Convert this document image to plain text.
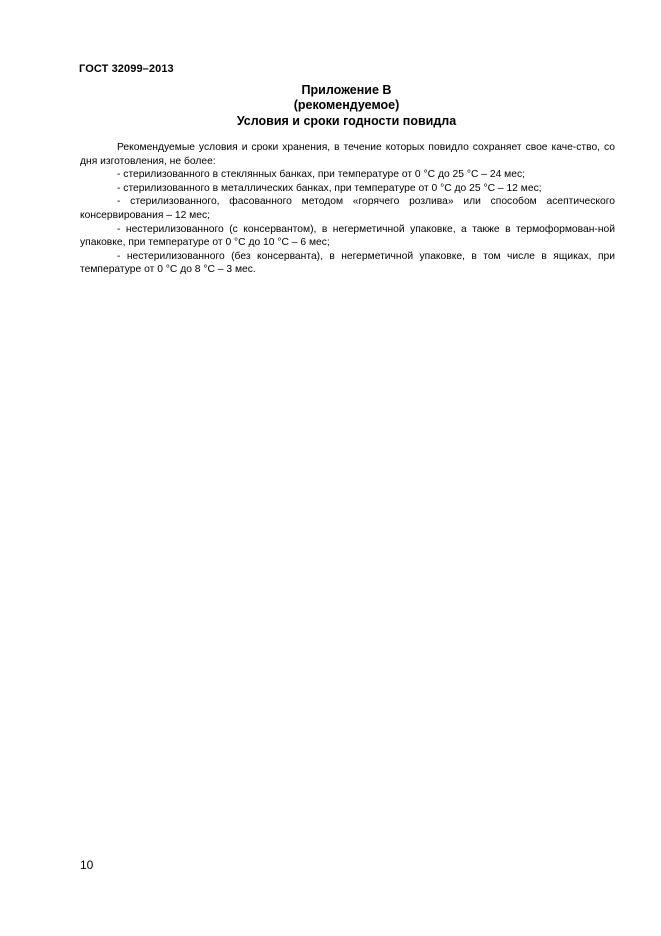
ГОСТ 32099–2013
Приложение В
(рекомендуемое)
Условия и сроки годности повидла

Рекомендуемые условия и сроки хранения, в течение которых повидло сохраняет свое каче-ство, со дня изготовления, не более:

- стерилизованного в стеклянных банках, при температуре от 0 °С до 25 °С – 24 мес;

- стерилизованного в металлических банках, при температуре от 0 °С до 25 °С – 12 мес;

- стерилизованного, фасованного методом «горячего розлива» или способом асептического консервирования – 12 мес;

- нестерилизованного (с консервантом), в негерметичной упаковке, а также в термоформован-ной упаковке, при температуре от 0 °С до 10 °С – 6 мес;

- нестерилизованного (без консерванта), в негерметичной упаковке, в том числе в ящиках, при температуре от 0 °С до 8 °С – 3 мес.

10
